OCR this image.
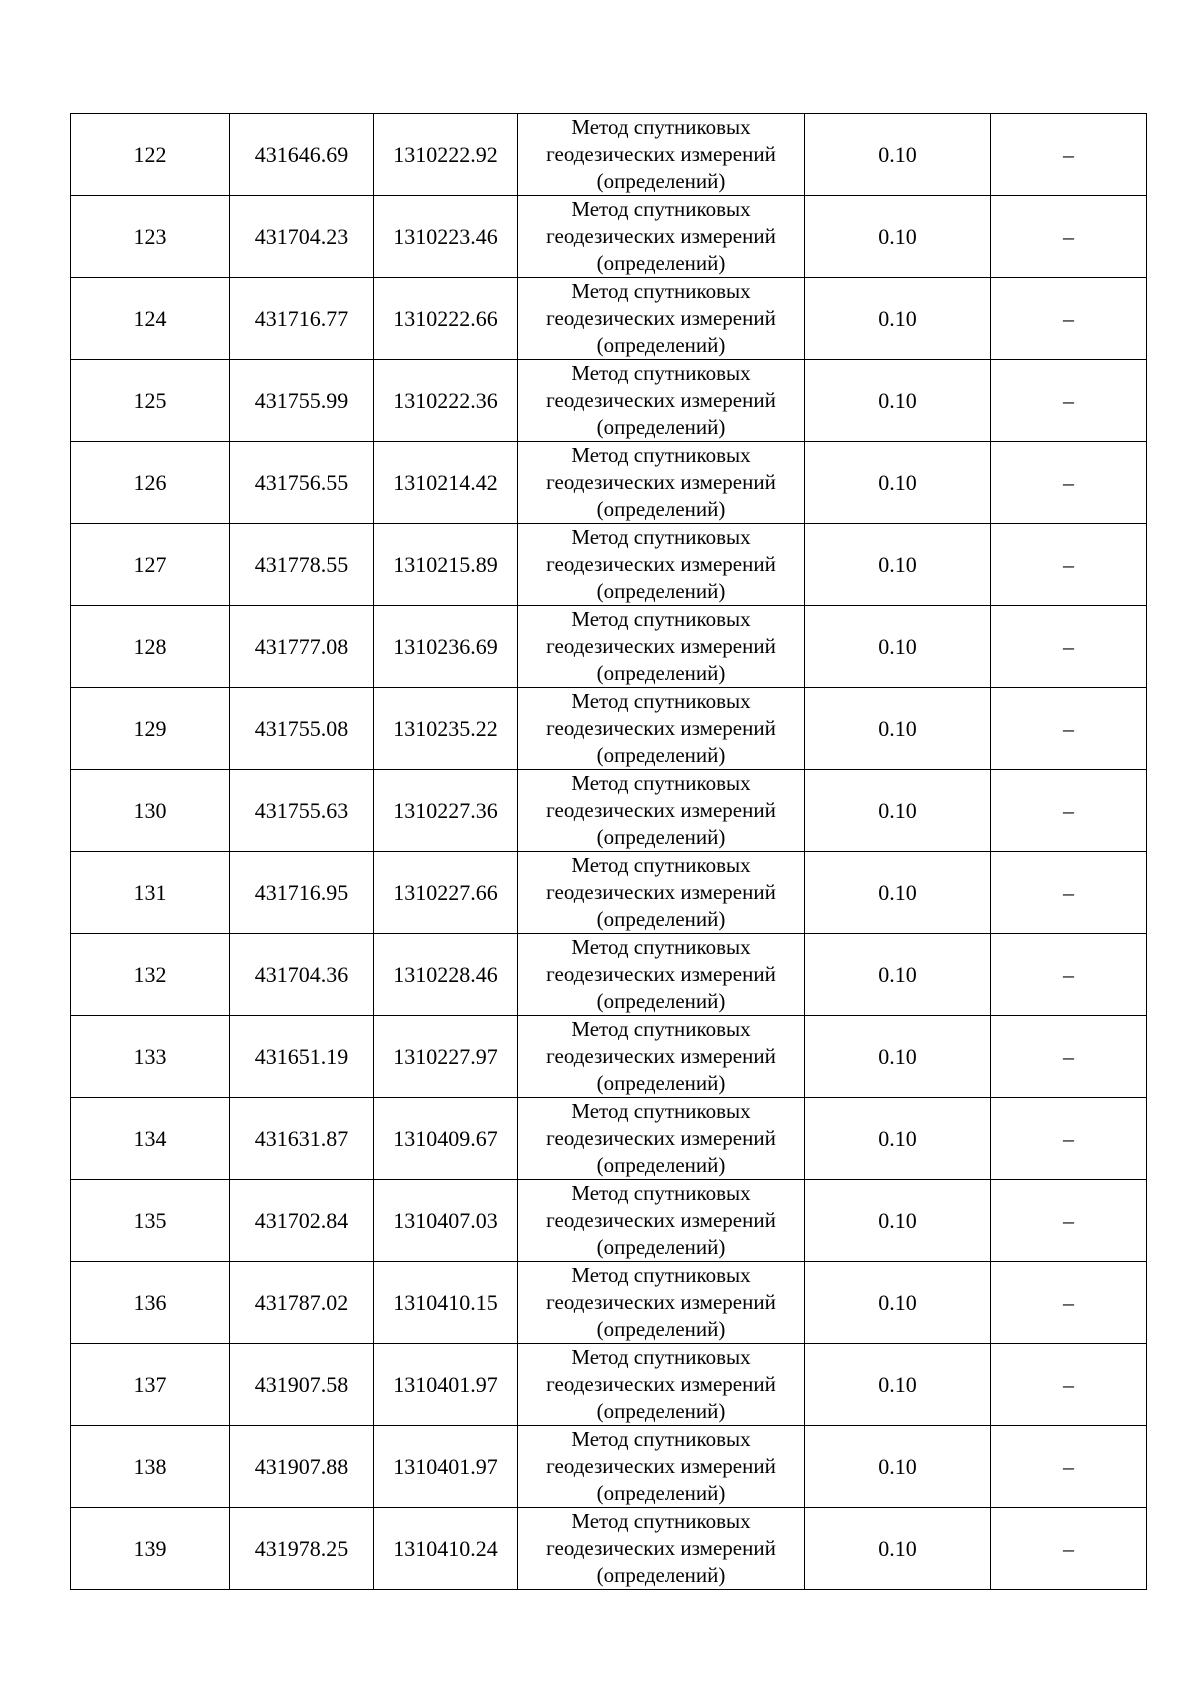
122	431646.69	1310222.92	Метод спутниковых
геодезических измерений
(определений)	0.10	–
123	431704.23	1310223.46	Метод спутниковых
геодезических измерений
(определений)	0.10	–
124	431716.77	1310222.66	Метод спутниковых
геодезических измерений
(определений)	0.10	–
125	431755.99	1310222.36	Метод спутниковых
геодезических измерений
(определений)	0.10	–
126	431756.55	1310214.42	Метод спутниковых
геодезических измерений
(определений)	0.10	–
127	431778.55	1310215.89	Метод спутниковых
геодезических измерений
(определений)	0.10	–
128	431777.08	1310236.69	Метод спутниковых
геодезических измерений
(определений)	0.10	–
129	431755.08	1310235.22	Метод спутниковых
геодезических измерений
(определений)	0.10	–
130	431755.63	1310227.36	Метод спутниковых
геодезических измерений
(определений)	0.10	–
131	431716.95	1310227.66	Метод спутниковых
геодезических измерений
(определений)	0.10	–
132	431704.36	1310228.46	Метод спутниковых
геодезических измерений
(определений)	0.10	–
133	431651.19	1310227.97	Метод спутниковых
геодезических измерений
(определений)	0.10	–
134	431631.87	1310409.67	Метод спутниковых
геодезических измерений
(определений)	0.10	–
135	431702.84	1310407.03	Метод спутниковых
геодезических измерений
(определений)	0.10	–
136	431787.02	1310410.15	Метод спутниковых
геодезических измерений
(определений)	0.10	–
137	431907.58	1310401.97	Метод спутниковых
геодезических измерений
(определений)	0.10	–
138	431907.88	1310401.97	Метод спутниковых
геодезических измерений
(определений)	0.10	–
139	431978.25	1310410.24	Метод спутниковых
геодезических измерений
(определений)	0.10	–
